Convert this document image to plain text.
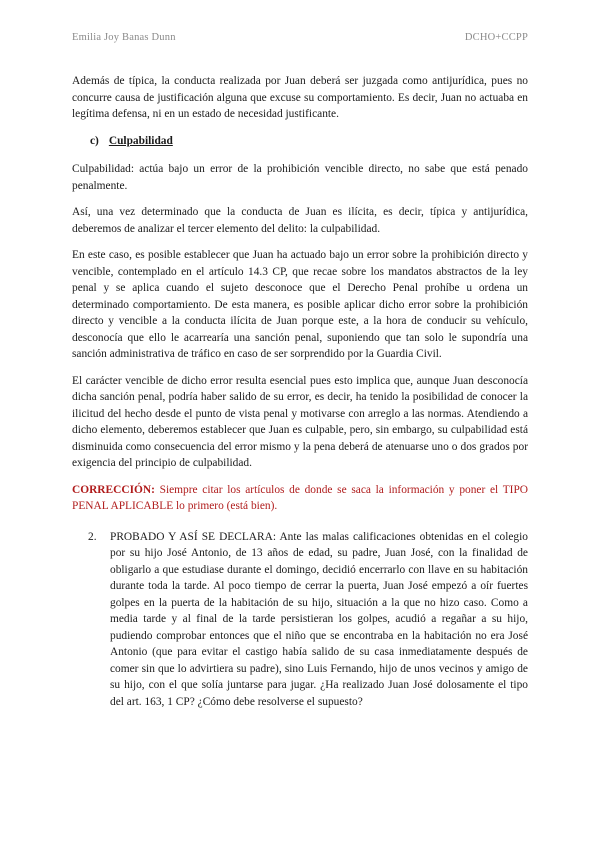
Emilia Joy Banas Dunn	DCHO+CCPP

Además de típica, la conducta realizada por Juan deberá ser juzgada como antijurídica, pues no concurre causa de justificación alguna que excuse su comportamiento. Es decir, Juan no actuaba en legítima defensa, ni en un estado de necesidad justificante.

c) Culpabilidad

Culpabilidad: actúa bajo un error de la prohibición vencible directo, no sabe que está penado penalmente.

Así, una vez determinado que la conducta de Juan es ilícita, es decir, típica y antijurídica, deberemos de analizar el tercer elemento del delito: la culpabilidad.

En este caso, es posible establecer que Juan ha actuado bajo un error sobre la prohibición directo y vencible, contemplado en el artículo 14.3 CP, que recae sobre los mandatos abstractos de la ley penal y se aplica cuando el sujeto desconoce que el Derecho Penal prohíbe u ordena un determinado comportamiento. De esta manera, es posible aplicar dicho error sobre la prohibición directo y vencible a la conducta ilícita de Juan porque este, a la hora de conducir su vehículo, desconocía que ello le acarrearía una sanción penal, suponiendo que tan solo le supondría una sanción administrativa de tráfico en caso de ser sorprendido por la Guardia Civil.

El carácter vencible de dicho error resulta esencial pues esto implica que, aunque Juan desconocía dicha sanción penal, podría haber salido de su error, es decir, ha tenido la posibilidad de conocer la ilicitud del hecho desde el punto de vista penal y motivarse con arreglo a las normas. Atendiendo a dicho elemento, deberemos establecer que Juan es culpable, pero, sin embargo, su culpabilidad está disminuida como consecuencia del error mismo y la pena deberá de atenuarse uno o dos grados por exigencia del principio de culpabilidad.

CORRECCIÓN: Siempre citar los artículos de donde se saca la información y poner el TIPO PENAL APLICABLE lo primero (está bien).

2.	PROBADO Y ASÍ SE DECLARA: Ante las malas calificaciones obtenidas en el colegio por su hijo José Antonio, de 13 años de edad, su padre, Juan José, con la finalidad de obligarlo a que estudiase durante el domingo, decidió encerrarlo con llave en su habitación durante toda la tarde. Al poco tiempo de cerrar la puerta, Juan José empezó a oír fuertes golpes en la puerta de la habitación de su hijo, situación a la que no hizo caso. Como a media tarde y al final de la tarde persistieran los golpes, acudió a regañar a su hijo, pudiendo comprobar entonces que el niño que se encontraba en la habitación no era José Antonio (que para evitar el castigo había salido de su casa inmediatamente después de comer sin que lo advirtiera su padre), sino Luis Fernando, hijo de unos vecinos y amigo de su hijo, con el que solía juntarse para jugar. ¿Ha realizado Juan José dolosamente el tipo del art. 163, 1 CP? ¿Cómo debe resolverse el supuesto?
